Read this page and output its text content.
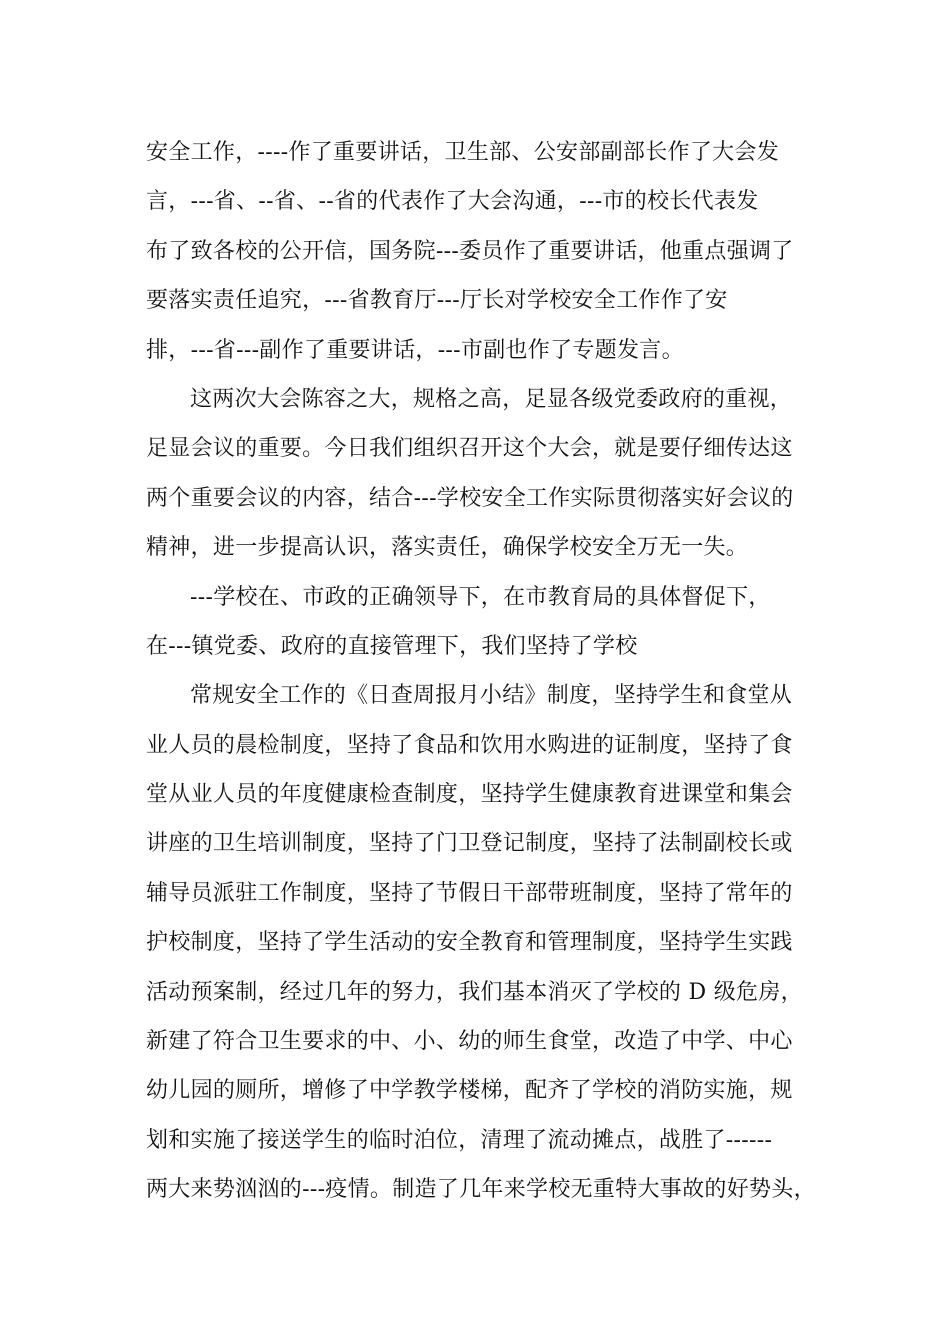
安全工作，----作了重要讲话，卫生部、公安部副部长作了大会发
言，---省、--省、--省的代表作了大会沟通，---市的校长代表发
布了致各校的公开信，国务院---委员作了重要讲话，他重点强调了
要落实责任追究，---省教育厅---厅长对学校安全工作作了安
排，---省---副作了重要讲话，---市副也作了专题发言。
这两次大会陈容之大，规格之高，足显各级党委政府的重视，
足显会议的重要。今日我们组织召开这个大会，就是要仔细传达这
两个重要会议的内容，结合---学校安全工作实际贯彻落实好会议的
精神，进一步提高认识，落实责任，确保学校安全万无一失。
---学校在、市政的正确领导下，在市教育局的具体督促下，
在---镇党委、政府的直接管理下，我们坚持了学校
常规安全工作的《日查周报月小结》制度，坚持学生和食堂从
业人员的晨检制度，坚持了食品和饮用水购进的证制度，坚持了食
堂从业人员的年度健康检查制度，坚持学生健康教育进课堂和集会
讲座的卫生培训制度，坚持了门卫登记制度，坚持了法制副校长或
辅导员派驻工作制度，坚持了节假日干部带班制度，坚持了常年的
护校制度，坚持了学生活动的安全教育和管理制度，坚持学生实践
活动预案制，经过几年的努力，我们基本消灭了学校的 D 级危房，
新建了符合卫生要求的中、小、幼的师生食堂，改造了中学、中心
幼儿园的厕所，增修了中学教学楼梯，配齐了学校的消防实施，规
划和实施了接送学生的临时泊位，清理了流动摊点，战胜了------
两大来势汹汹的---疫情。制造了几年来学校无重特大事故的好势头，
